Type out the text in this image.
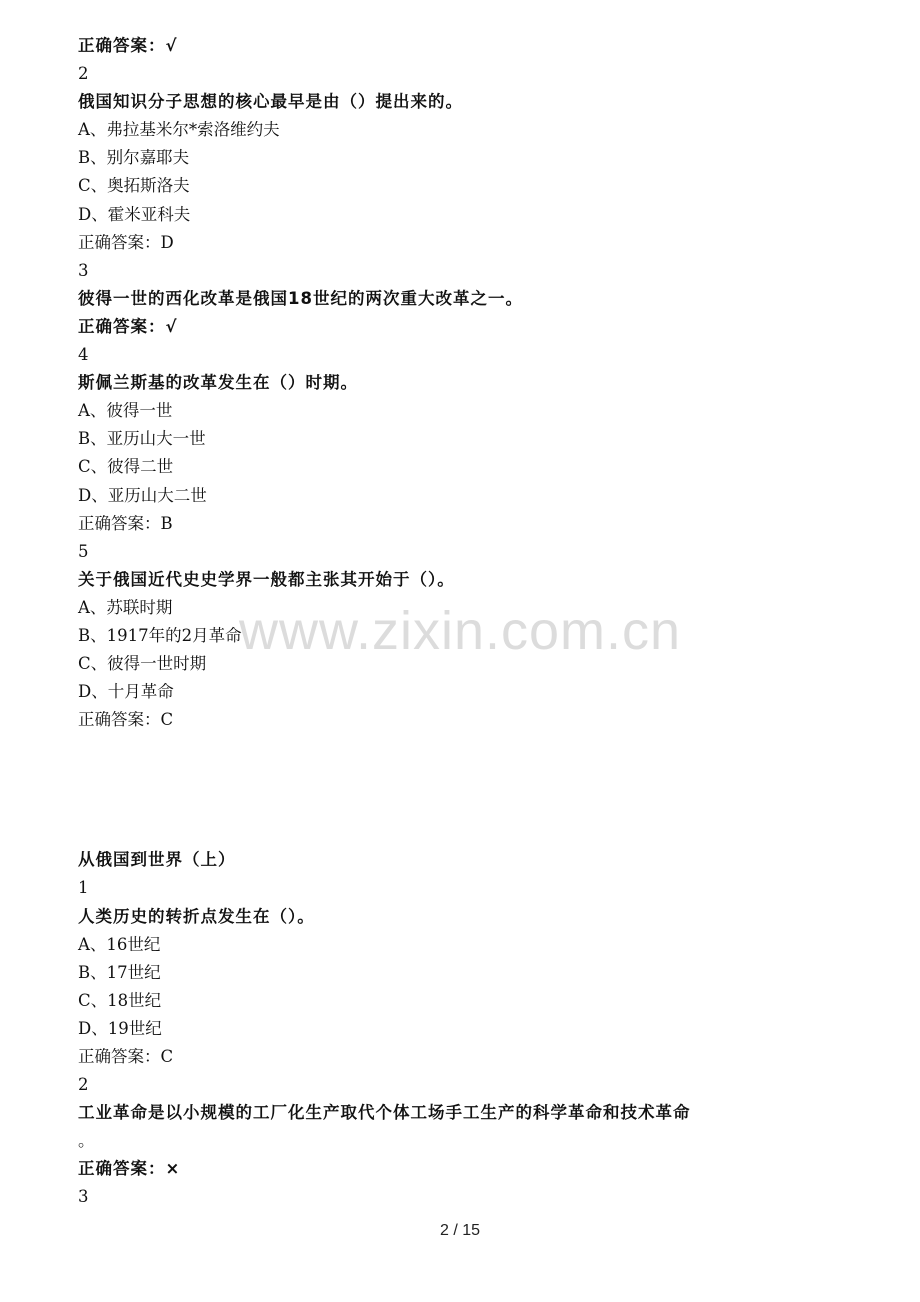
www.zixin.com.cn
正确答案：√
2
俄国知识分子思想的核心最早是由（）提出来的。
A、弗拉基米尔*索洛维约夫
B、别尔嘉耶夫
C、奥拓斯洛夫
D、霍米亚科夫
正确答案：D
3
彼得一世的西化改革是俄国18世纪的两次重大改革之一。
正确答案：√
4
斯佩兰斯基的改革发生在（）时期。
A、彼得一世
B、亚历山大一世
C、彼得二世
D、亚历山大二世
正确答案：B
5
关于俄国近代史史学界一般都主张其开始于（）。
A、苏联时期
B、1917年的2月革命
C、彼得一世时期
D、十月革命
正确答案：C
从俄国到世界（上）
1
人类历史的转折点发生在（）。
A、16世纪
B、17世纪
C、18世纪
D、19世纪
正确答案：C
2
工业革命是以小规模的工厂化生产取代个体工场手工生产的科学革命和技术革命
。
正确答案：×
3
2 / 15
